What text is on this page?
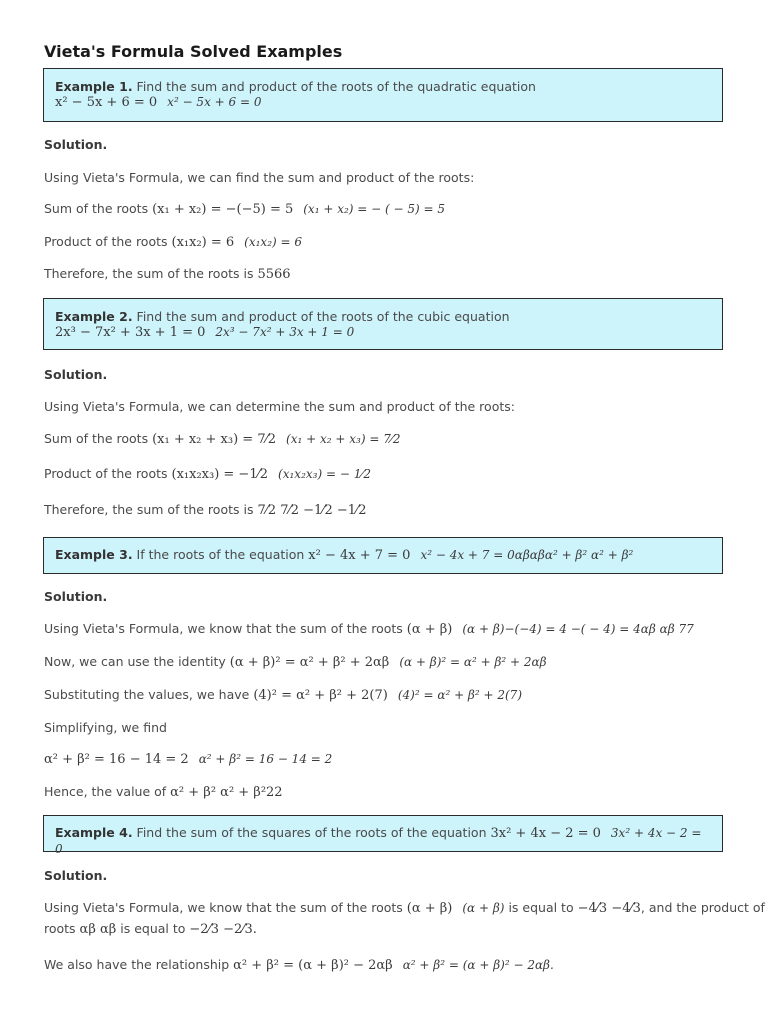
Vieta's Formula Solved Examples
Example 1. Find the sum and product of the roots of the quadratic equation
x² − 5x + 6 = 0 x² − 5x + 6 = 0
Solution.
Using Vieta's Formula, we can find the sum and product of the roots:
Sum of the roots (x₁ + x₂) = −(−5) = 5 (x₁ + x₂) = − ( − 5) = 5
Product of the roots (x₁x₂) = 6 (x₁x₂) = 6
Therefore, the sum of the roots is 5566
Example 2. Find the sum and product of the roots of the cubic equation
2x³ − 7x² + 3x + 1 = 0 2x³ − 7x² + 3x + 1 = 0
Solution.
Using Vieta's Formula, we can determine the sum and product of the roots:
Sum of the roots (x₁ + x₂ + x₃) = 7⁄2 (x₁ + x₂ + x₃) = 7⁄2
Product of the roots (x₁x₂x₃) = −1⁄2 (x₁x₂x₃) = − 1⁄2
Therefore, the sum of the roots is 7⁄2 7⁄2 −1⁄2 −1⁄2
Example 3. If the roots of the equation x² − 4x + 7 = 0 x² − 4x + 7 = 0αβαβα² + β² α² + β²
Solution.
Using Vieta's Formula, we know that the sum of the roots (α + β) (α + β)−(−4) = 4 −( − 4) = 4αβ αβ 77
Now, we can use the identity (α + β)² = α² + β² + 2αβ (α + β)² = α² + β² + 2αβ
Substituting the values, we have (4)² = α² + β² + 2(7) (4)² = α² + β² + 2(7)
Simplifying, we find
α² + β² = 16 − 14 = 2 α² + β² = 16 − 14 = 2
Hence, the value of α² + β² α² + β²22
Example 4. Find the sum of the squares of the roots of the equation 3x² + 4x − 2 = 0 3x² + 4x − 2 = 0
Solution.
Using Vieta's Formula, we know that the sum of the roots (α + β) (α + β) is equal to −4⁄3 −4⁄3, and the product of
roots αβ αβ is equal to −2⁄3 −2⁄3.
We also have the relationship α² + β² = (α + β)² − 2αβ α² + β² = (α + β)² − 2αβ.
